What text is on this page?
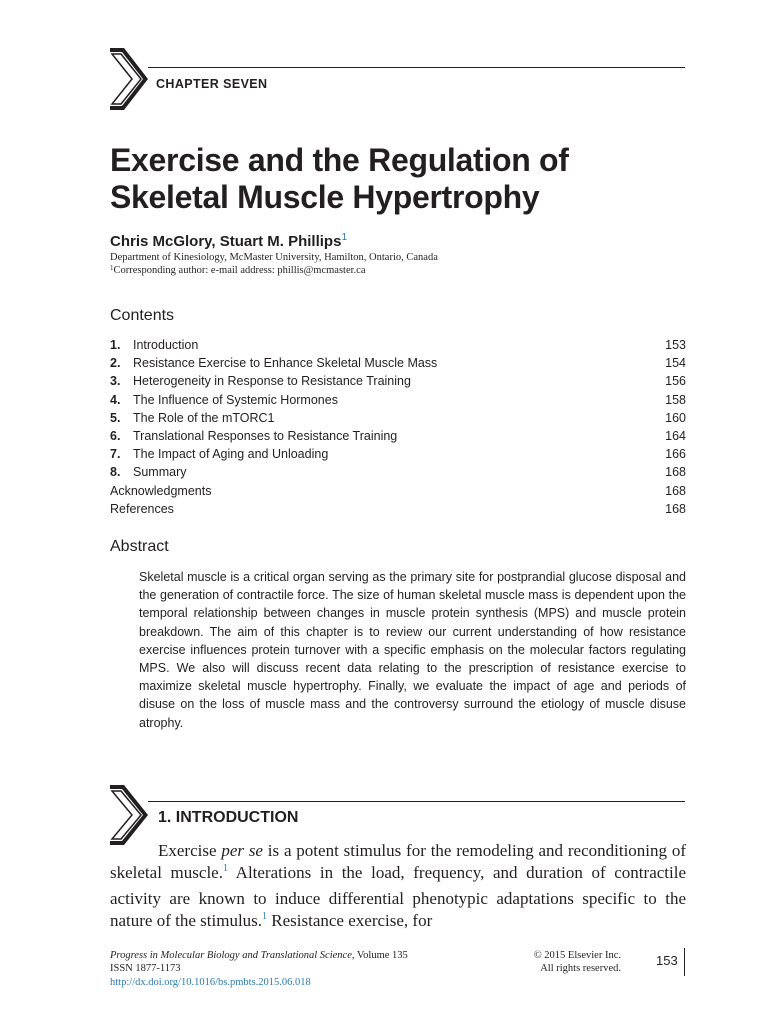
CHAPTER SEVEN
Exercise and the Regulation of
Skeletal Muscle Hypertrophy
Chris McGlory, Stuart M. Phillips$^1$
Department of Kinesiology, McMaster University, Hamilton, Ontario, Canada
$^1$Corresponding author: e-mail address: phillis@mcmaster.ca
Contents
1. Introduction	153
2. Resistance Exercise to Enhance Skeletal Muscle Mass	154
3. Heterogeneity in Response to Resistance Training	156
4. The Influence of Systemic Hormones	158
5. The Role of the mTORC1	160
6. Translational Responses to Resistance Training	164
7. The Impact of Aging and Unloading	166
8. Summary	168
Acknowledgments	168
References	168
Abstract
Skeletal muscle is a critical organ serving as the primary site for postprandial glucose disposal and the generation of contractile force. The size of human skeletal muscle mass is dependent upon the temporal relationship between changes in muscle protein synthesis (MPS) and muscle protein breakdown. The aim of this chapter is to review our current understanding of how resistance exercise influences protein turnover with a specific emphasis on the molecular factors regulating MPS. We also will discuss recent data relating to the prescription of resistance exercise to maximize skeletal muscle hypertrophy. Finally, we evaluate the impact of age and periods of disuse on the loss of muscle mass and the controversy surround the etiology of muscle disuse atrophy.
1. INTRODUCTION

Exercise per se is a potent stimulus for the remodeling and reconditioning of skeletal muscle.$^1$ Alterations in the load, frequency, and duration of contractile activity are known to induce differential phenotypic adaptations specific to the nature of the stimulus.$^1$ Resistance exercise, for

Progress in Molecular Biology and Translational Science, Volume 135
ISSN 1877-1173
http://dx.doi.org/10.1016/bs.pmbts.2015.06.018
© 2015 Elsevier Inc.
All rights reserved.
153
